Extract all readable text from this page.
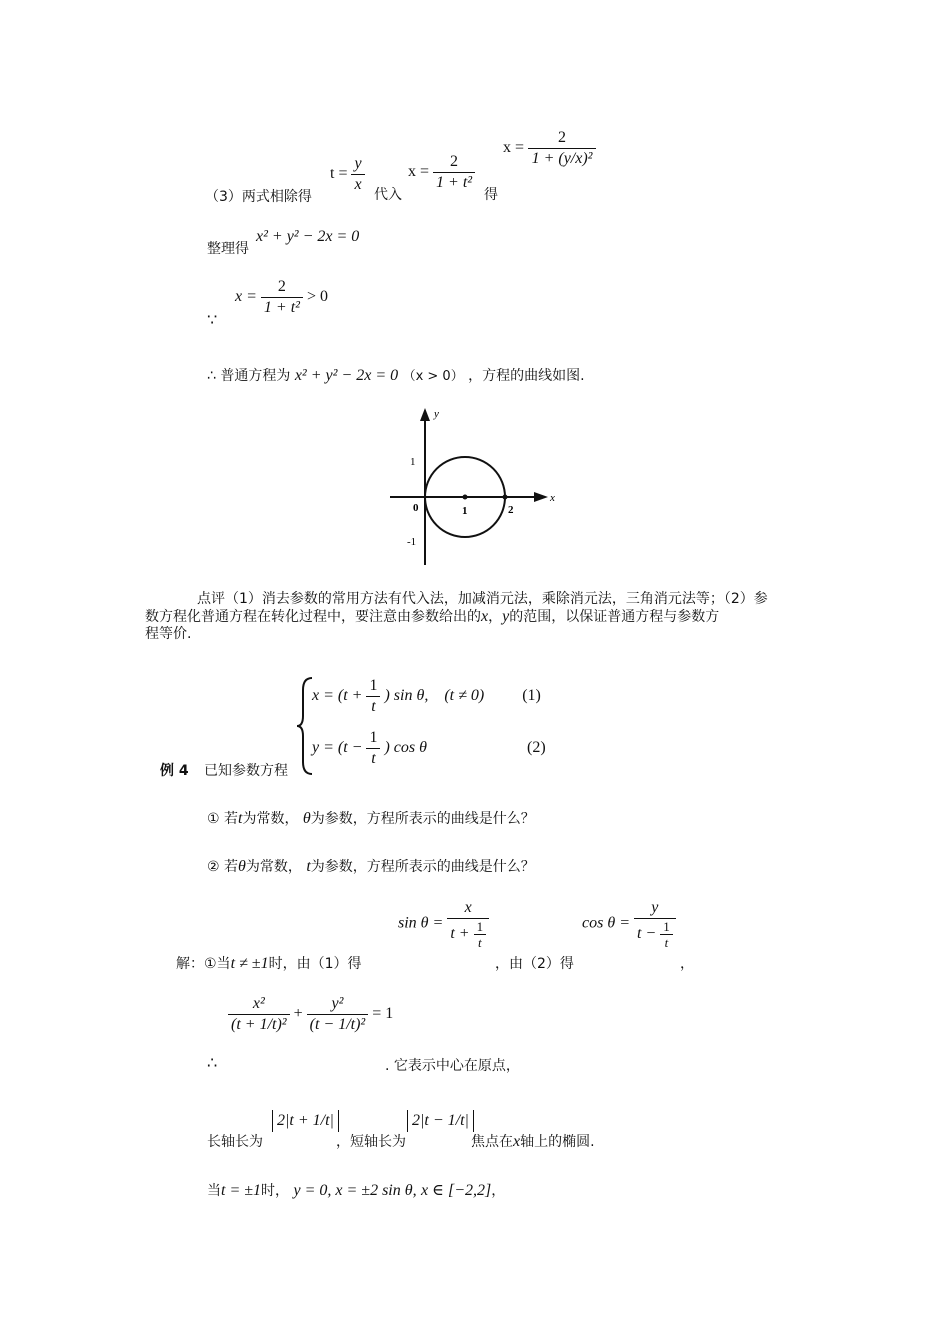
（3）两式相除得
$t = \frac{y}{x}$ 代入
$x = \frac{2}{\text{1 + t²}}$
得
$x = \frac{2}{\text{1 + (y/x)²}}$
整理得
x² + y² − 2x = 0
∵
$x = \frac{2}{\text{1 + t²}} > 0$
∴ 普通方程为 x² + y² − 2x = 0 （x > 0） ，方程的曲线如图.
y
x
1
-1
0	1	2
点评（1）消去参数的常用方法有代入法，加减消元法，乘除消元法，三角消元法等；（2）参
数方程化普通方程在转化过程中，要注意由参数给出的x，y的范围，以保证普通方程与参数方
程等价.
例 4 已知参数方程
$x = (t + \frac{1}{t}$ ) sin θ, (t ≠ 0) (1)
$y = (t - \frac{1}{t}$ ) cos θ	(2)
① 若t为常数， θ为参数，方程所表示的曲线是什么？
② 若θ为常数， t为参数，方程所表示的曲线是什么？
解：①当t ≠ ±1时，由（1）得
$\sin \theta = \frac{x}{t + \frac{1}{t}}$
，由（2）得
$\cos \theta = \frac{y}{t - \frac{1}{t}}$
，
∴
$\frac{\text{x²}}{\text{(t + 1/t)²}} + \frac{\text{y²}}{\text{(t − 1/t)²}} = 1$
. 它表示中心在原点，
长轴长为
2|t + 1/t|
，短轴长为
2|t − 1/t|
焦点在x轴上的椭圆.
当t = ±1时， y = 0, x = ±2 sin θ, x ∈ [−2,2]，
